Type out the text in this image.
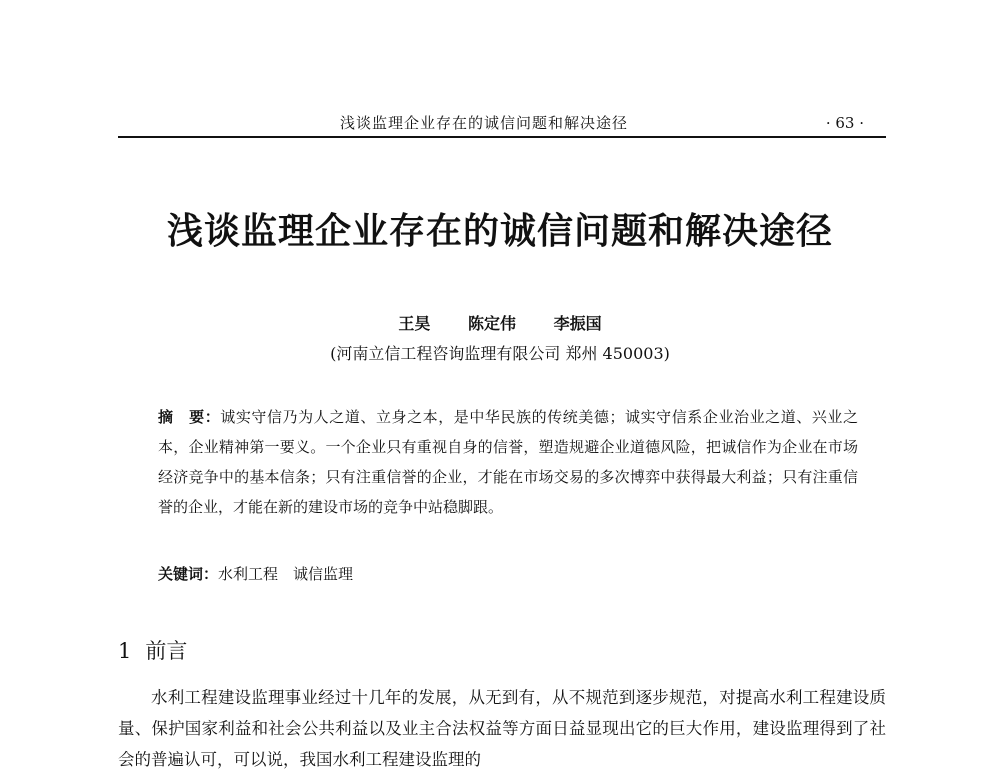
浅谈监理企业存在的诚信问题和解决途径	· 63 ·
浅谈监理企业存在的诚信问题和解决途径
王昊 陈定伟 李振国
(河南立信工程咨询监理有限公司 郑州 450003)
摘　要：诚实守信乃为人之道、立身之本，是中华民族的传统美德；诚实守信系企业治业之道、兴业之本，企业精神第一要义。一个企业只有重视自身的信誉，塑造规避企业道德风险，把诚信作为企业在市场经济竞争中的基本信条；只有注重信誉的企业，才能在市场交易的多次博弈中获得最大利益；只有注重信誉的企业，才能在新的建设市场的竞争中站稳脚跟。
关键词：水利工程　诚信监理
1 前言
水利工程建设监理事业经过十几年的发展，从无到有，从不规范到逐步规范，对提高水利工程建设质量、保护国家利益和社会公共利益以及业主合法权益等方面日益显现出它的巨大作用，建设监理得到了社会的普遍认可，可以说，我国水利工程建设监理的
